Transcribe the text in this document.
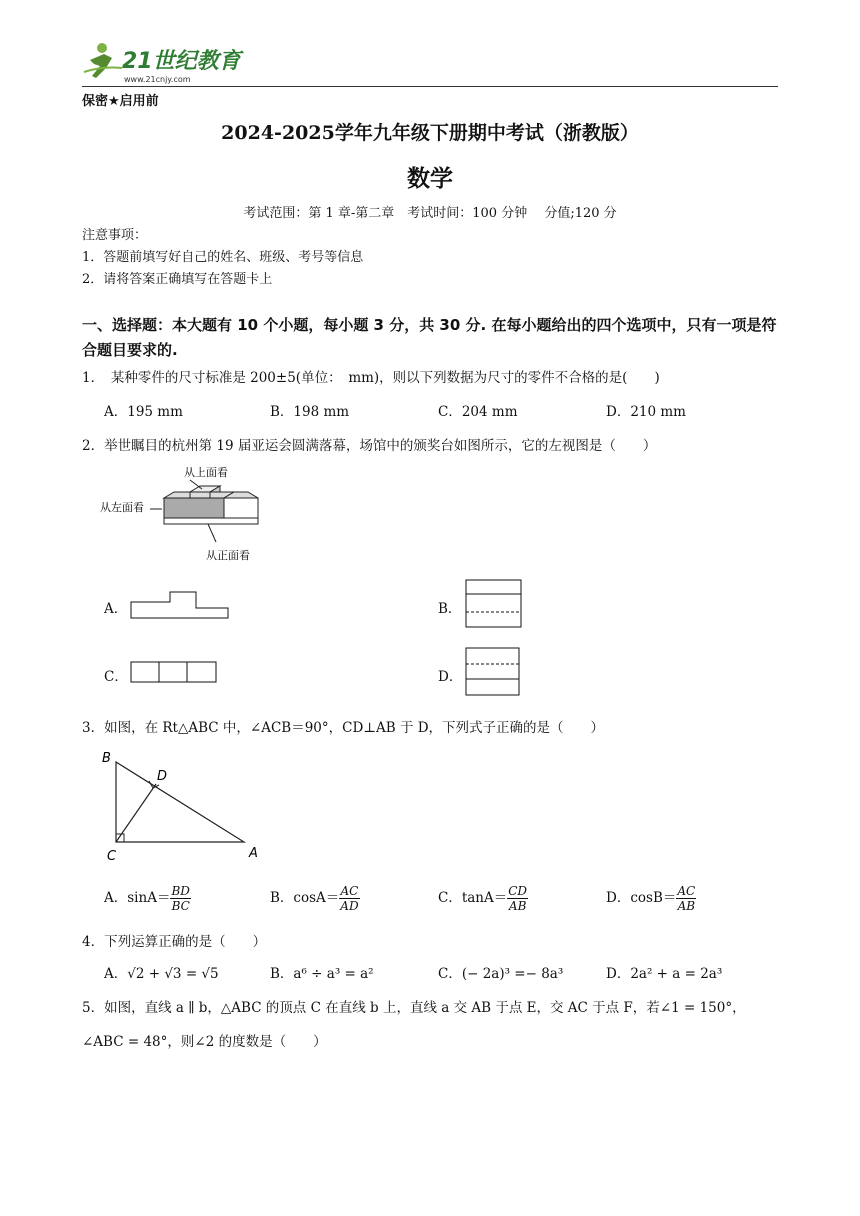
21世纪教育
www.21cnjy.com
保密★启用前
2024-2025学年九年级下册期中考试（浙教版）
数学
考试范围：第 1 章-第二章　考试时间：100 分钟　 分值;120 分
注意事项：
1．答题前填写好自己的姓名、班级、考号等信息
2．请将答案正确填写在答题卡上
一、选择题：本大题有 10 个小题，每小题 3 分，共 30 分. 在每小题给出的四个选项中，只有一项是符合题目要求的.
1．　某种零件的尺寸标准是 200±5(单位：　mm)，则以下列数据为尺寸的零件不合格的是(　　)
A．195 mm	B．198 mm	C．204 mm	D．210 mm
2．举世瞩目的杭州第 19 届亚运会圆满落幕，场馆中的颁奖台如图所示，它的左视图是（　　）
从上面看
从左面看
从正面看
A．	B．
C．	D．
3．如图，在 Rt△ABC 中，∠ACB＝90°，CD⊥AB 于 D，下列式子正确的是（　　）
B
D
C	A
A．$\sin A= \frac{BD}{BC}$	B．$\cos A= \frac{AC}{AD}$	C．$\tan A= \frac{CD}{AB}$	D．$\cos B= \frac{AC}{AB}$
4．下列运算正确的是（　　）
A．√2 + √3 = √5	B．a⁶ ÷ a³ = a²	C．(− 2a)³ =− 8a³	D．2a² + a = 2a³
5．如图，直线 a ∥ b，△ABC 的顶点 C 在直线 b 上，直线 a 交 AB 于点 E，交 AC 于点 F，若∠1 = 150°，
∠ABC = 48°，则∠2 的度数是（　　）
